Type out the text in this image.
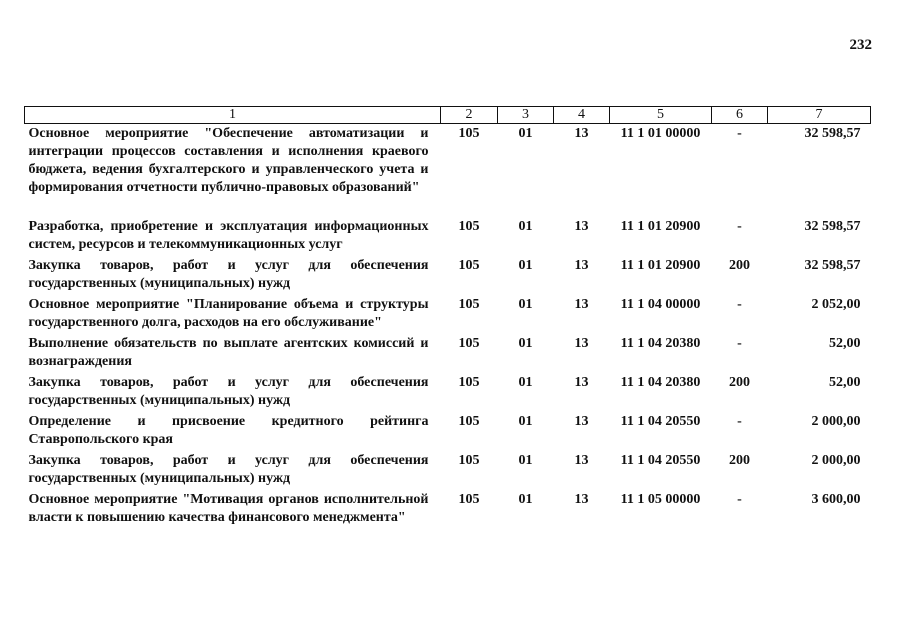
232
1	2	3	4	5	6	7
Основное мероприятие "Обеспечение автоматизации и интеграции процессов составления и исполнения краевого бюджета, ведения бухгалтерского и управленческого учета и формирования отчетности публично-правовых образований"	105	01	13	11 1 01 00000	-	32 598,57
Разработка, приобретение и эксплуатация информационных систем, ресурсов и телекоммуникационных услуг	105	01	13	11 1 01 20900	-	32 598,57
Закупка товаров, работ и услуг для обеспечения государственных (муниципальных) нужд	105	01	13	11 1 01 20900	200	32 598,57
Основное мероприятие "Планирование объема и структуры государственного долга, расходов на его обслуживание"	105	01	13	11 1 04 00000	-	2 052,00
Выполнение обязательств по выплате агентских комиссий и вознаграждения	105	01	13	11 1 04 20380	-	52,00
Закупка товаров, работ и услуг для обеспечения государственных (муниципальных) нужд	105	01	13	11 1 04 20380	200	52,00
Определение и присвоение кредитного рейтинга Ставропольского края	105	01	13	11 1 04 20550	-	2 000,00
Закупка товаров, работ и услуг для обеспечения государственных (муниципальных) нужд	105	01	13	11 1 04 20550	200	2 000,00
Основное мероприятие "Мотивация органов исполнительной власти к повышению качества финансового менеджмента"	105	01	13	11 1 05 00000	-	3 600,00
